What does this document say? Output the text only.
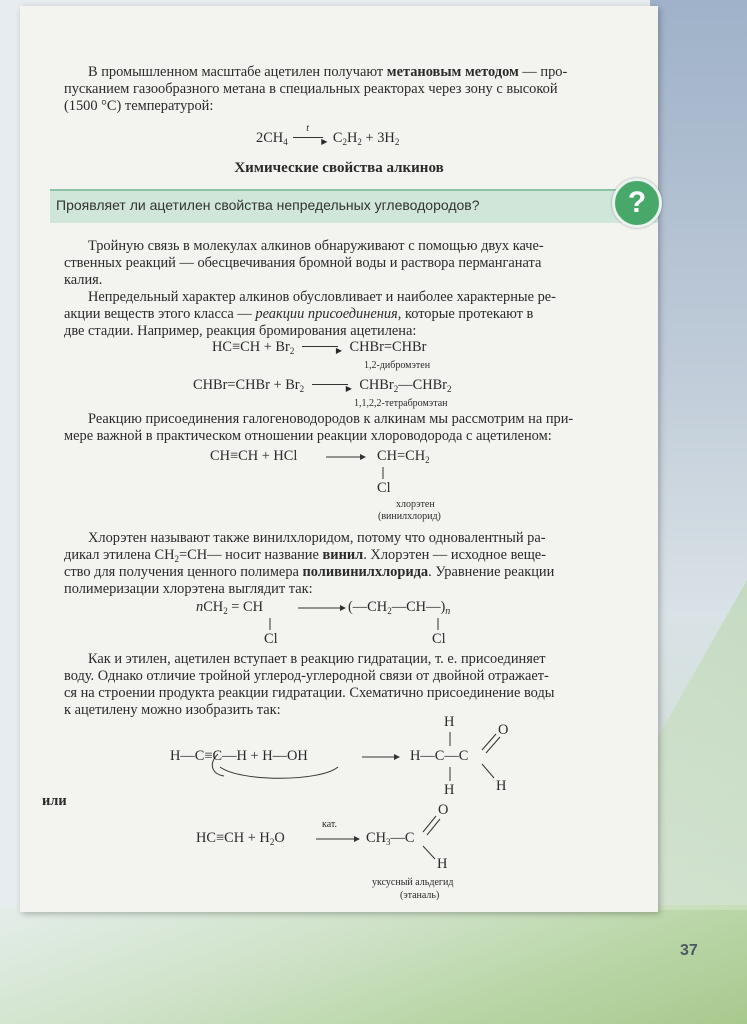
В промышленном масштабе ацетилен получают метановым методом — про-
пусканием газообразного метана в специальных реакторах через зону с высокой
(1500 °С) температурой:
$2CH_4$
t
▶ $C_2H_2 + 3H_2$
Химические свойства алкинов
Проявляет ли ацетилен свойства непредельных углеводородов?
Тройную связь в молекулах алкинов обнаруживают с помощью двух каче-
ственных реакций — обесцвечивания бромной воды и раствора перманганата
калия.
Непредельный характер алкинов обусловливает и наиболее характерные ре-
акции веществ этого класса — реакции присоединения, которые протекают в
две стадии. Например, реакция бромирования ацетилена:
$HC\equiv CH + Br_2$	▶ CHBr=CHBr
1,2-дибромэтен
CHBr=CHBr + $Br_2$	▶ CHBr$_2$—CHBr$_2$
1,1,2,2-тетрабромэтан
Реакцию присоединения галогеноводородов к алкинам мы рассмотрим на при-
мере важной в практическом отношении реакции хлороводорода с ацетиленом:
CH≡CH + HCl	$CH=CH_2$
Cl
хлорэтен
(винилхлорид)
Хлорэтен называют также винилхлоридом, потому что одновалентный ра-
дикал этилена $CH_2=CH—$ носит название винил. Хлорэтен — исходное веще-
ство для получения ценного полимера поливинилхлорида. Уравнение реакции
полимеризации хлорэтена выглядит так:
nCH$_2$ = CH	$(—CH_2—CH—)_n$
Cl	Cl
Как и этилен, ацетилен вступает в реакцию гидратации, т. е. присоединяет
воду. Однако отличие тройной углерод-углеродной связи от двойной отражает-
ся на строении продукта реакции гидратации. Схематично присоединение воды
к ацетилену можно изобразить так:
H—C≡C—H + H—OH
H	O
H—C—C
H	H
или
$HC\equiv CH + H_2O$
кат.
$CH_3—C$
O
H
уксусный альдегид
(этаналь)
?
37
